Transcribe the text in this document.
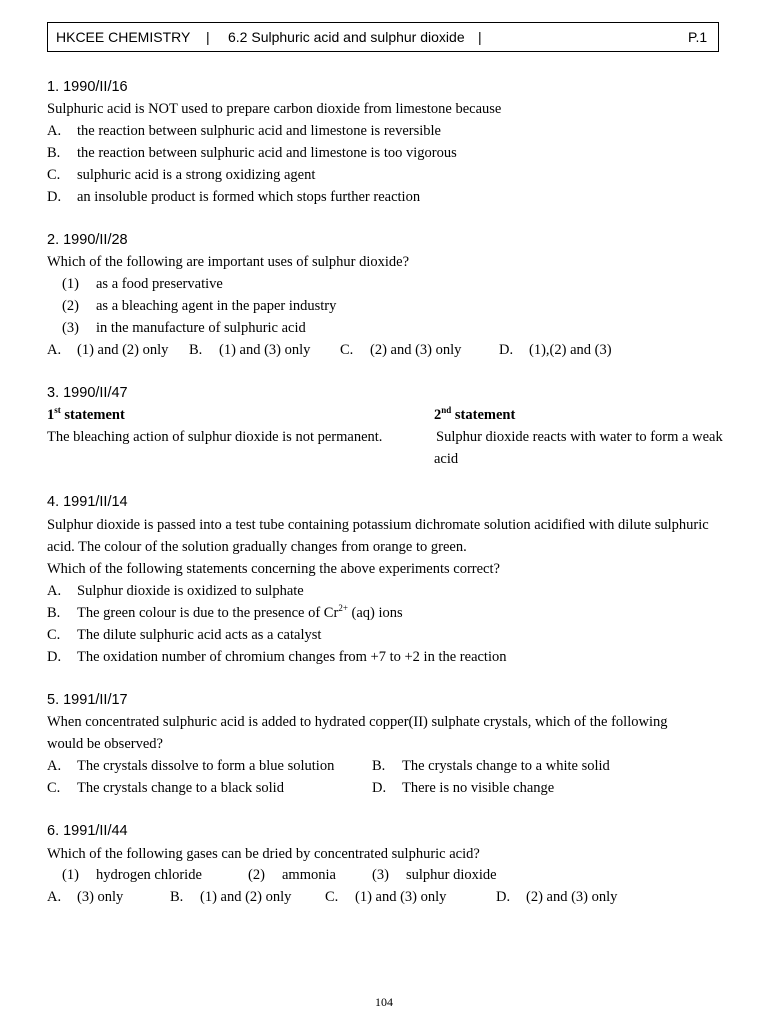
HKCEE CHEMISTRY | 6.2 Sulphuric acid and sulphur dioxide |	P.1
1. 1990/II/16
Sulphuric acid is NOT used to prepare carbon dioxide from limestone because
A. the reaction between sulphuric acid and limestone is reversible
B. the reaction between sulphuric acid and limestone is too vigorous
C. sulphuric acid is a strong oxidizing agent
D. an insoluble product is formed which stops further reaction
2. 1990/II/28
Which of the following are important uses of sulphur dioxide?
(1) as a food preservative
(2) as a bleaching agent in the paper industry
(3) in the manufacture of sulphuric acid
A. (1) and (2) only B. (1) and (3) only C. (2) and (3) only	D. (1),(2) and (3)
3. 1990/II/47
1st statement	2nd statement
The bleaching action of sulphur dioxide is not permanent.	Sulphur dioxide reacts with water to form a weak
acid
4. 1991/II/14
Sulphur dioxide is passed into a test tube containing potassium dichromate solution acidified with dilute sulphuric
acid. The colour of the solution gradually changes from orange to green.
Which of the following statements concerning the above experiments correct?
A. Sulphur dioxide is oxidized to sulphate
B. The green colour is due to the presence of $Cr^{2+}$ (aq) ions
C. The dilute sulphuric acid acts as a catalyst
D. The oxidation number of chromium changes from +7 to +2 in the reaction
5. 1991/II/17
When concentrated sulphuric acid is added to hydrated copper(II) sulphate crystals, which of the following
would be observed?
A. The crystals dissolve to form a blue solution	B. The crystals change to a white solid
C. The crystals change to a black solid	D. There is no visible change
6. 1991/II/44
Which of the following gases can be dried by concentrated sulphuric acid?
(1) hydrogen chloride	(2) ammonia (3) sulphur dioxide
A. (3) only	B. (1) and (2) only C. (1) and (3) only	D. (2) and (3) only
104
